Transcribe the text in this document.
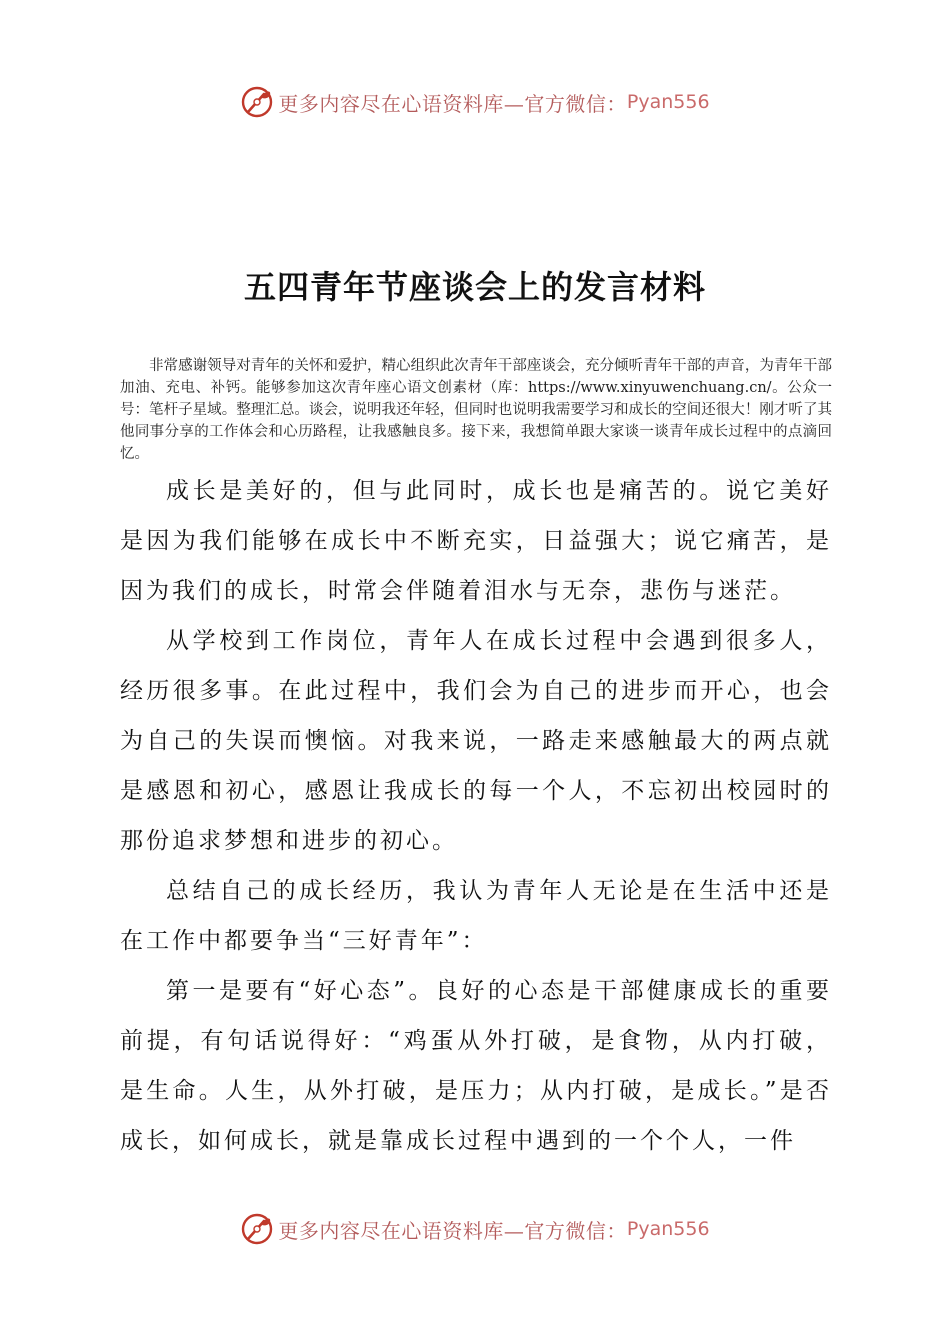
更多内容尽在心语资料库—官方微信： Pyan556
五四青年节座谈会上的发言材料

非常感谢领导对青年的关怀和爱护，精心组织此次青年干部座谈会，充分倾听青年干部的声音，为青年干部加油、充电、补钙。能够参加这次青年座心语文创素材（库：https://www.xinyuwenchuang.cn/。公众一号：笔杆子星域。整理汇总。谈会，说明我还年轻，但同时也说明我需要学习和成长的空间还很大！刚才听了其他同事分享的工作体会和心历路程，让我感触良多。接下来，我想简单跟大家谈一谈青年成长过程中的点滴回忆。

成长是美好的，但与此同时，成长也是痛苦的。说它美好是因为我们能够在成长中不断充实，日益强大；说它痛苦，是因为我们的成长，时常会伴随着泪水与无奈，悲伤与迷茫。

从学校到工作岗位，青年人在成长过程中会遇到很多人，经历很多事。在此过程中，我们会为自己的进步而开心，也会为自己的失误而懊恼。对我来说，一路走来感触最大的两点就是感恩和初心，感恩让我成长的每一个人，不忘初出校园时的那份追求梦想和进步的初心。

总结自己的成长经历，我认为青年人无论是在生活中还是在工作中都要争当“三好青年”：

第一是要有“好心态”。良好的心态是干部健康成长的重要前提，有句话说得好：“鸡蛋从外打破，是食物，从内打破，是生命。人生，从外打破，是压力；从内打破，是成长。”是否成长，如何成长，就是靠成长过程中遇到的一个个人，一件

更多内容尽在心语资料库—官方微信： Pyan556
